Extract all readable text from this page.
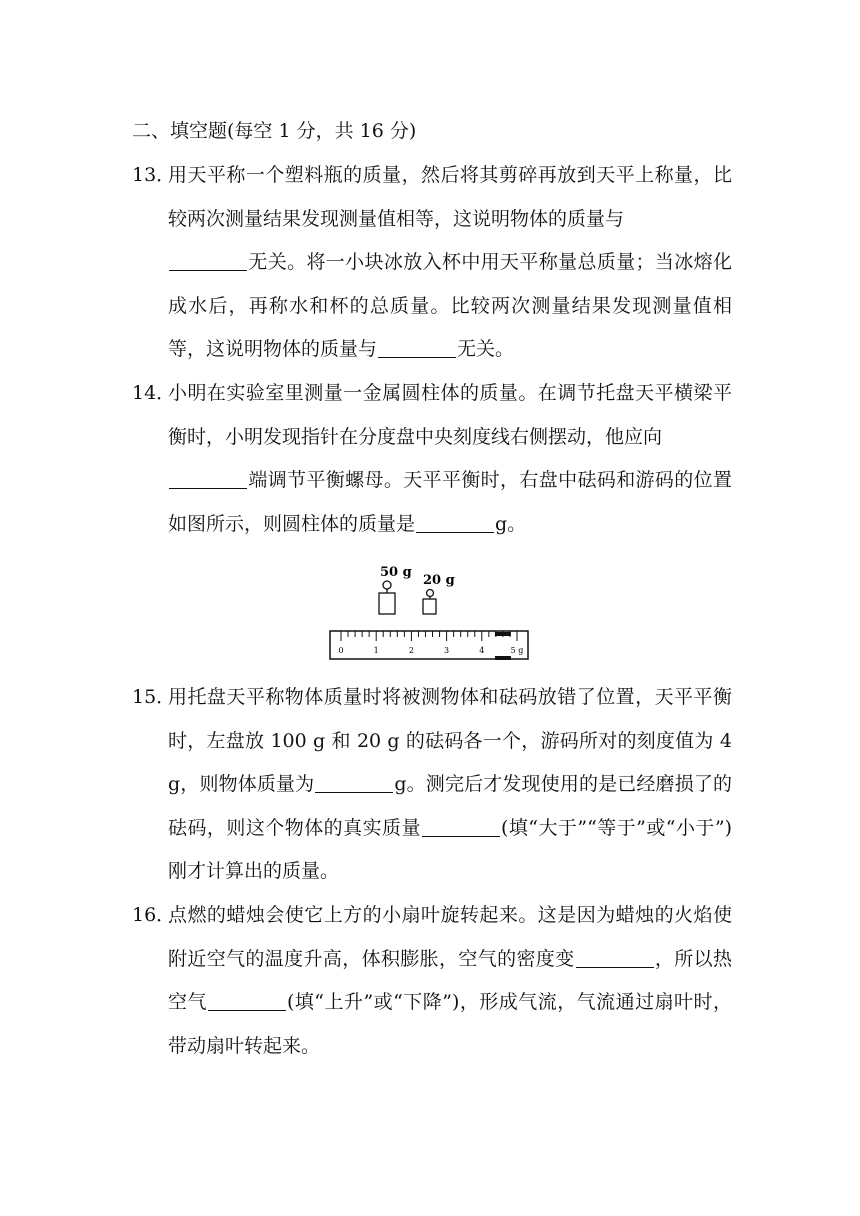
二、填空题(每空 1 分，共 16 分)
13．
用天平称一个塑料瓶的质量，然后将其剪碎再放到天平上称量，比较两次测量结果发现测量值相等，这说明物体的质量与
无关。将一小块冰放入杯中用天平称量总质量；当冰熔化成水后，再称水和杯的总质量。比较两次测量结果发现测量值相等，这说明物体的质量与	无关。
14．
小明在实验室里测量一金属圆柱体的质量。在调节托盘天平横梁平衡时，小明发现指针在分度盘中央刻度线右侧摆动，他应向
端调节平衡螺母。天平平衡时，右盘中砝码和游码的位置如图所示，则圆柱体的质量是	g。
50 g
20 g
0	1	2	3	4	5 g
15．
用托盘天平称物体质量时将被测物体和砝码放错了位置，天平平衡时，左盘放 100 g 和 20 g 的砝码各一个，游码所对的刻度值为 4 g，则物体质量为	g。测完后才发现使用的是已经磨损了的砝码，则这个物体的真实质量	(填“大于”“等于”或“小于”)刚才计算出的质量。
16．
点燃的蜡烛会使它上方的小扇叶旋转起来。这是因为蜡烛的火焰使附近空气的温度升高，体积膨胀，空气的密度变	，所以热空气	(填“上升”或“下降”)，形成气流，气流通过扇叶时，带动扇叶转起来。
